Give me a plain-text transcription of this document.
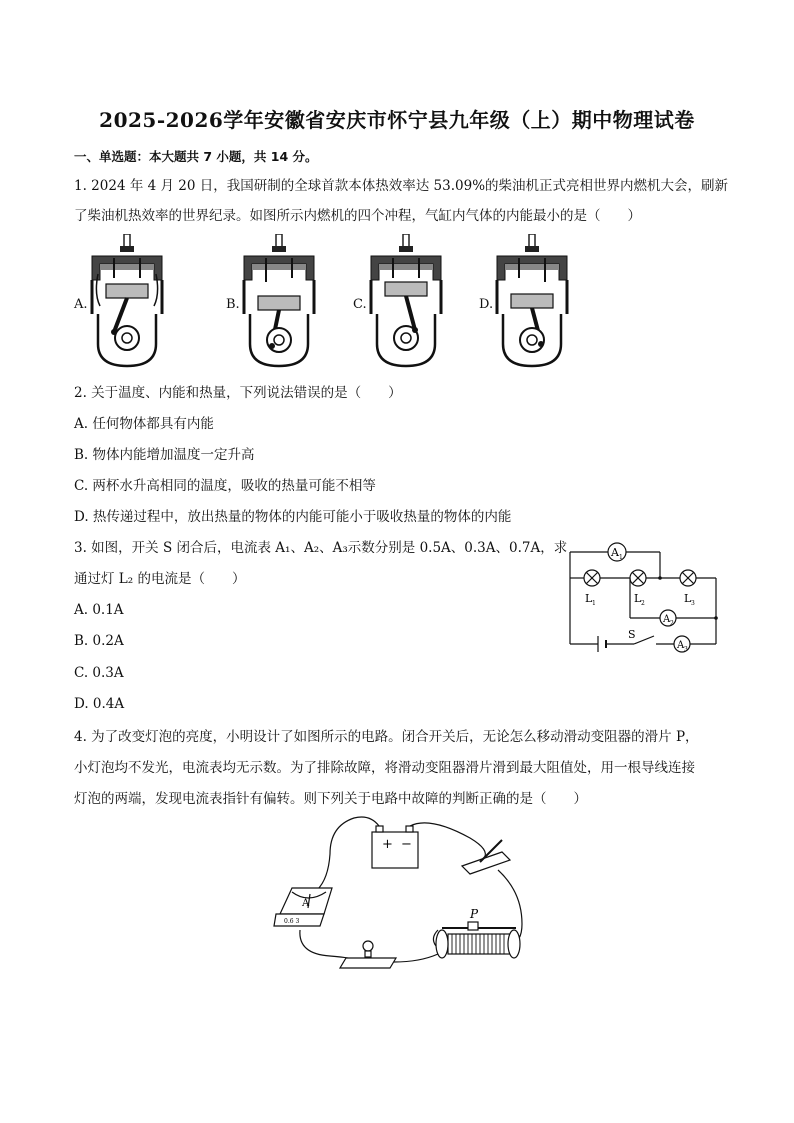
2025-2026学年安徽省安庆市怀宁县九年级（上）期中物理试卷
一、单选题：本大题共 7 小题，共 14 分。
1. 2024 年 4 月 20 日，我国研制的全球首款本体热效率达 53.09%的柴油机正式亮相世界内燃机大会，刷新
了柴油机热效率的世界纪录。如图所示内燃机的四个冲程，气缸内气体的内能最小的是（　　）
A.	B.	C.	D.
2. 关于温度、内能和热量，下列说法错误的是（　　）
A. 任何物体都具有内能
B. 物体内能增加温度一定升高
C. 两杯水升高相同的温度，吸收的热量可能不相等
D. 热传递过程中，放出热量的物体的内能可能小于吸收热量的物体的内能
3. 如图，开关 S 闭合后，电流表 A₁、A₂、A₃示数分别是 0.5A、0.3A、0.7A，求
通过灯 L₂ 的电流是（　　）
A. 0.1A
B. 0.2A
C. 0.3A
D. 0.4A
A 1
A 2
A 3
L 1	L 2	L 3
S
4. 为了改变灯泡的亮度，小明设计了如图所示的电路。闭合开关后，无论怎么移动滑动变阻器的滑片 P，
小灯泡均不发光，电流表均无示数。为了排除故障，将滑动变阻器滑片滑到最大阻值处，用一根导线连接
灯泡的两端，发现电流表指针有偏转。则下列关于电路中故障的判断正确的是（　　）
+ −
A
0.6 3
P
